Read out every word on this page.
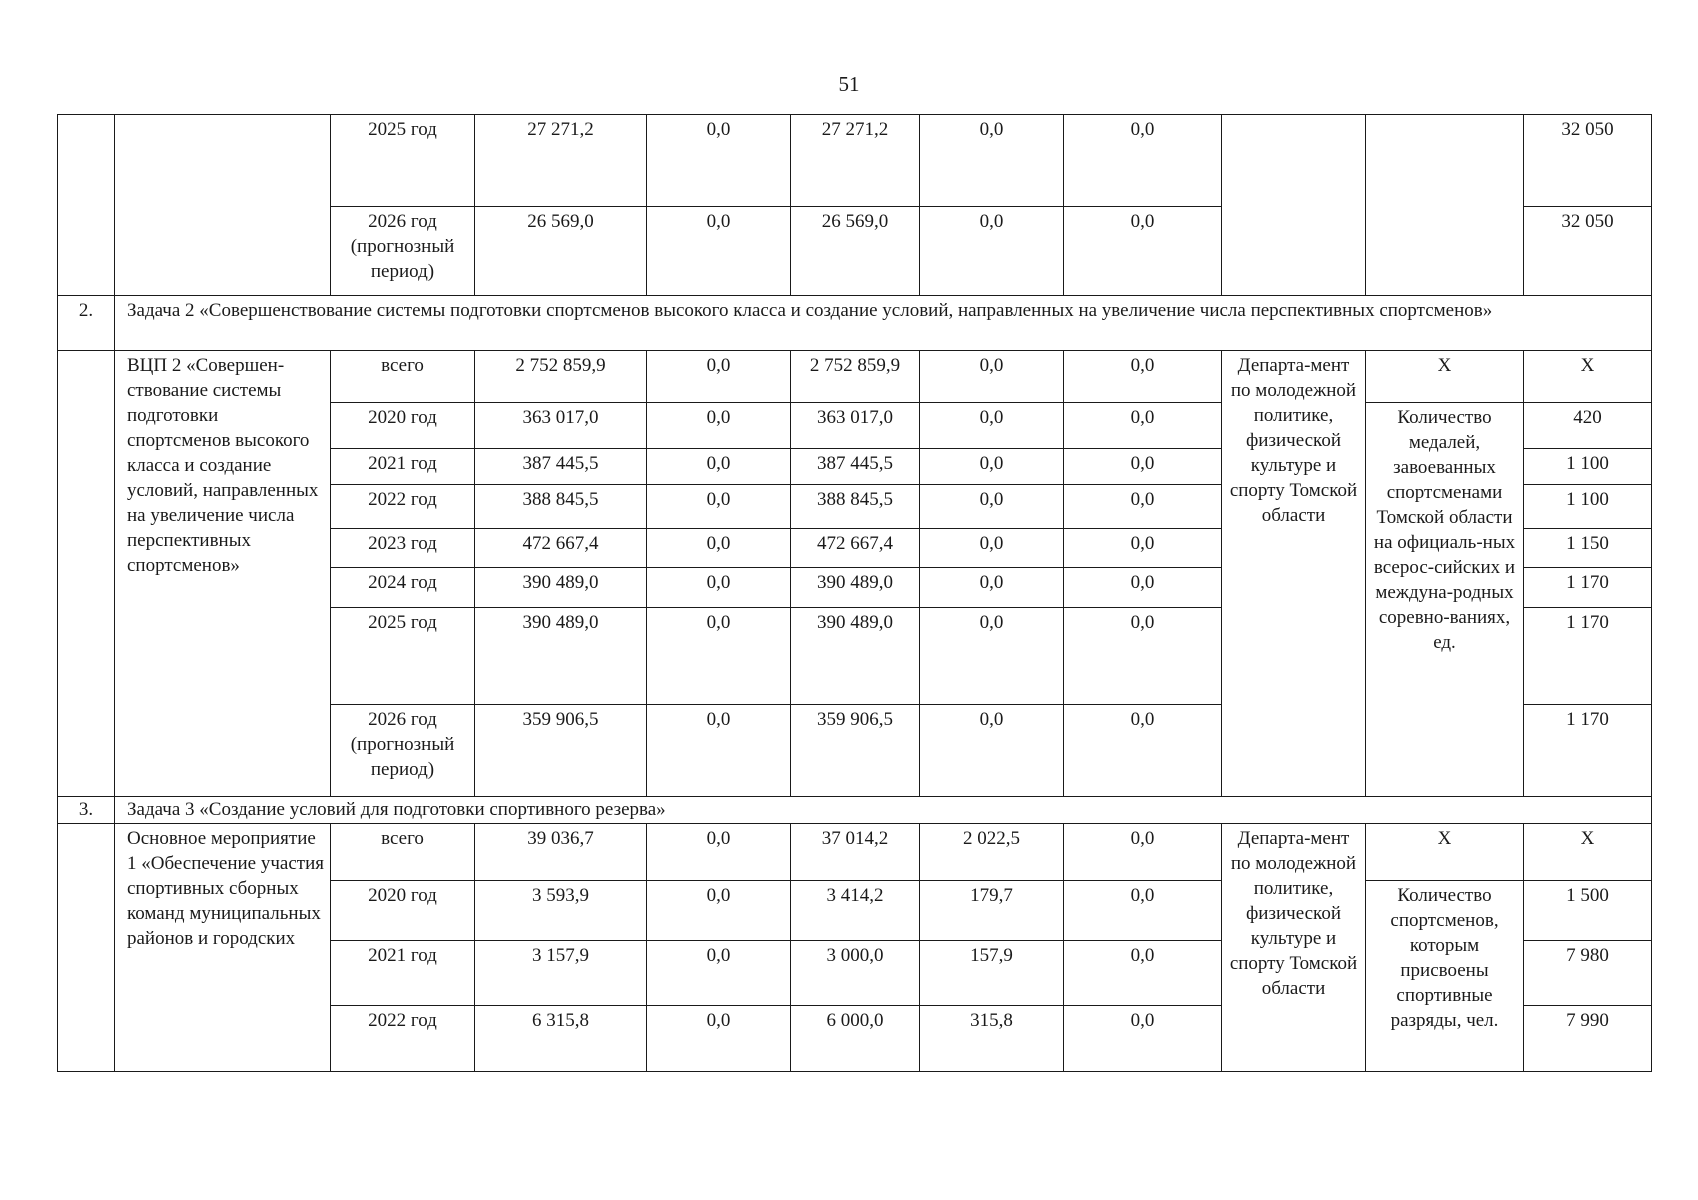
51
		2025 год	27 271,2	0,0	27 271,2	0,0	0,0			32 050
		2026 год (прогнозный период)	26 569,0	0,0	26 569,0	0,0	0,0			32 050
2.	Задача 2 «Совершенствование системы подготовки спортсменов высокого класса и создание условий, направленных на увеличение числа перспективных спортсменов»									
	ВЦП 2 «Совершен-ствование системы подготовки спортсменов высокого класса и создание условий, направленных на увеличение числа перспективных спортсменов»	всего	2 752 859,9	0,0	2 752 859,9	0,0	0,0	Департа-мент по молодежной политике, физической культуре и спорту Томской области	Х	Х
		2020 год	363 017,0	0,0	363 017,0	0,0	0,0		Количество медалей, завоеванных спортсменами Томской области на официаль-ных всерос-сийских и междуна-родных соревно-ваниях, ед.	420
		2021 год	387 445,5	0,0	387 445,5	0,0	0,0			1 100
		2022 год	388 845,5	0,0	388 845,5	0,0	0,0			1 100
		2023 год	472 667,4	0,0	472 667,4	0,0	0,0			1 150
		2024 год	390 489,0	0,0	390 489,0	0,0	0,0			1 170
		2025 год	390 489,0	0,0	390 489,0	0,0	0,0			1 170
		2026 год (прогнозный период)	359 906,5	0,0	359 906,5	0,0	0,0			1 170
3.	Задача 3 «Создание условий для подготовки спортивного резерва»									
	Основное мероприятие 1 «Обеспечение участия спортивных сборных команд муниципальных районов и городских	всего	39 036,7	0,0	37 014,2	2 022,5	0,0	Департа-мент по молодежной политике, физической культуре и спорту Томской области	Х	Х
		2020 год	3 593,9	0,0	3 414,2	179,7	0,0		Количество спортсменов, которым присвоены спортивные разряды, чел.	1 500
		2021 год	3 157,9	0,0	3 000,0	157,9	0,0			7 980
		2022 год	6 315,8	0,0	6 000,0	315,8	0,0			7 990
